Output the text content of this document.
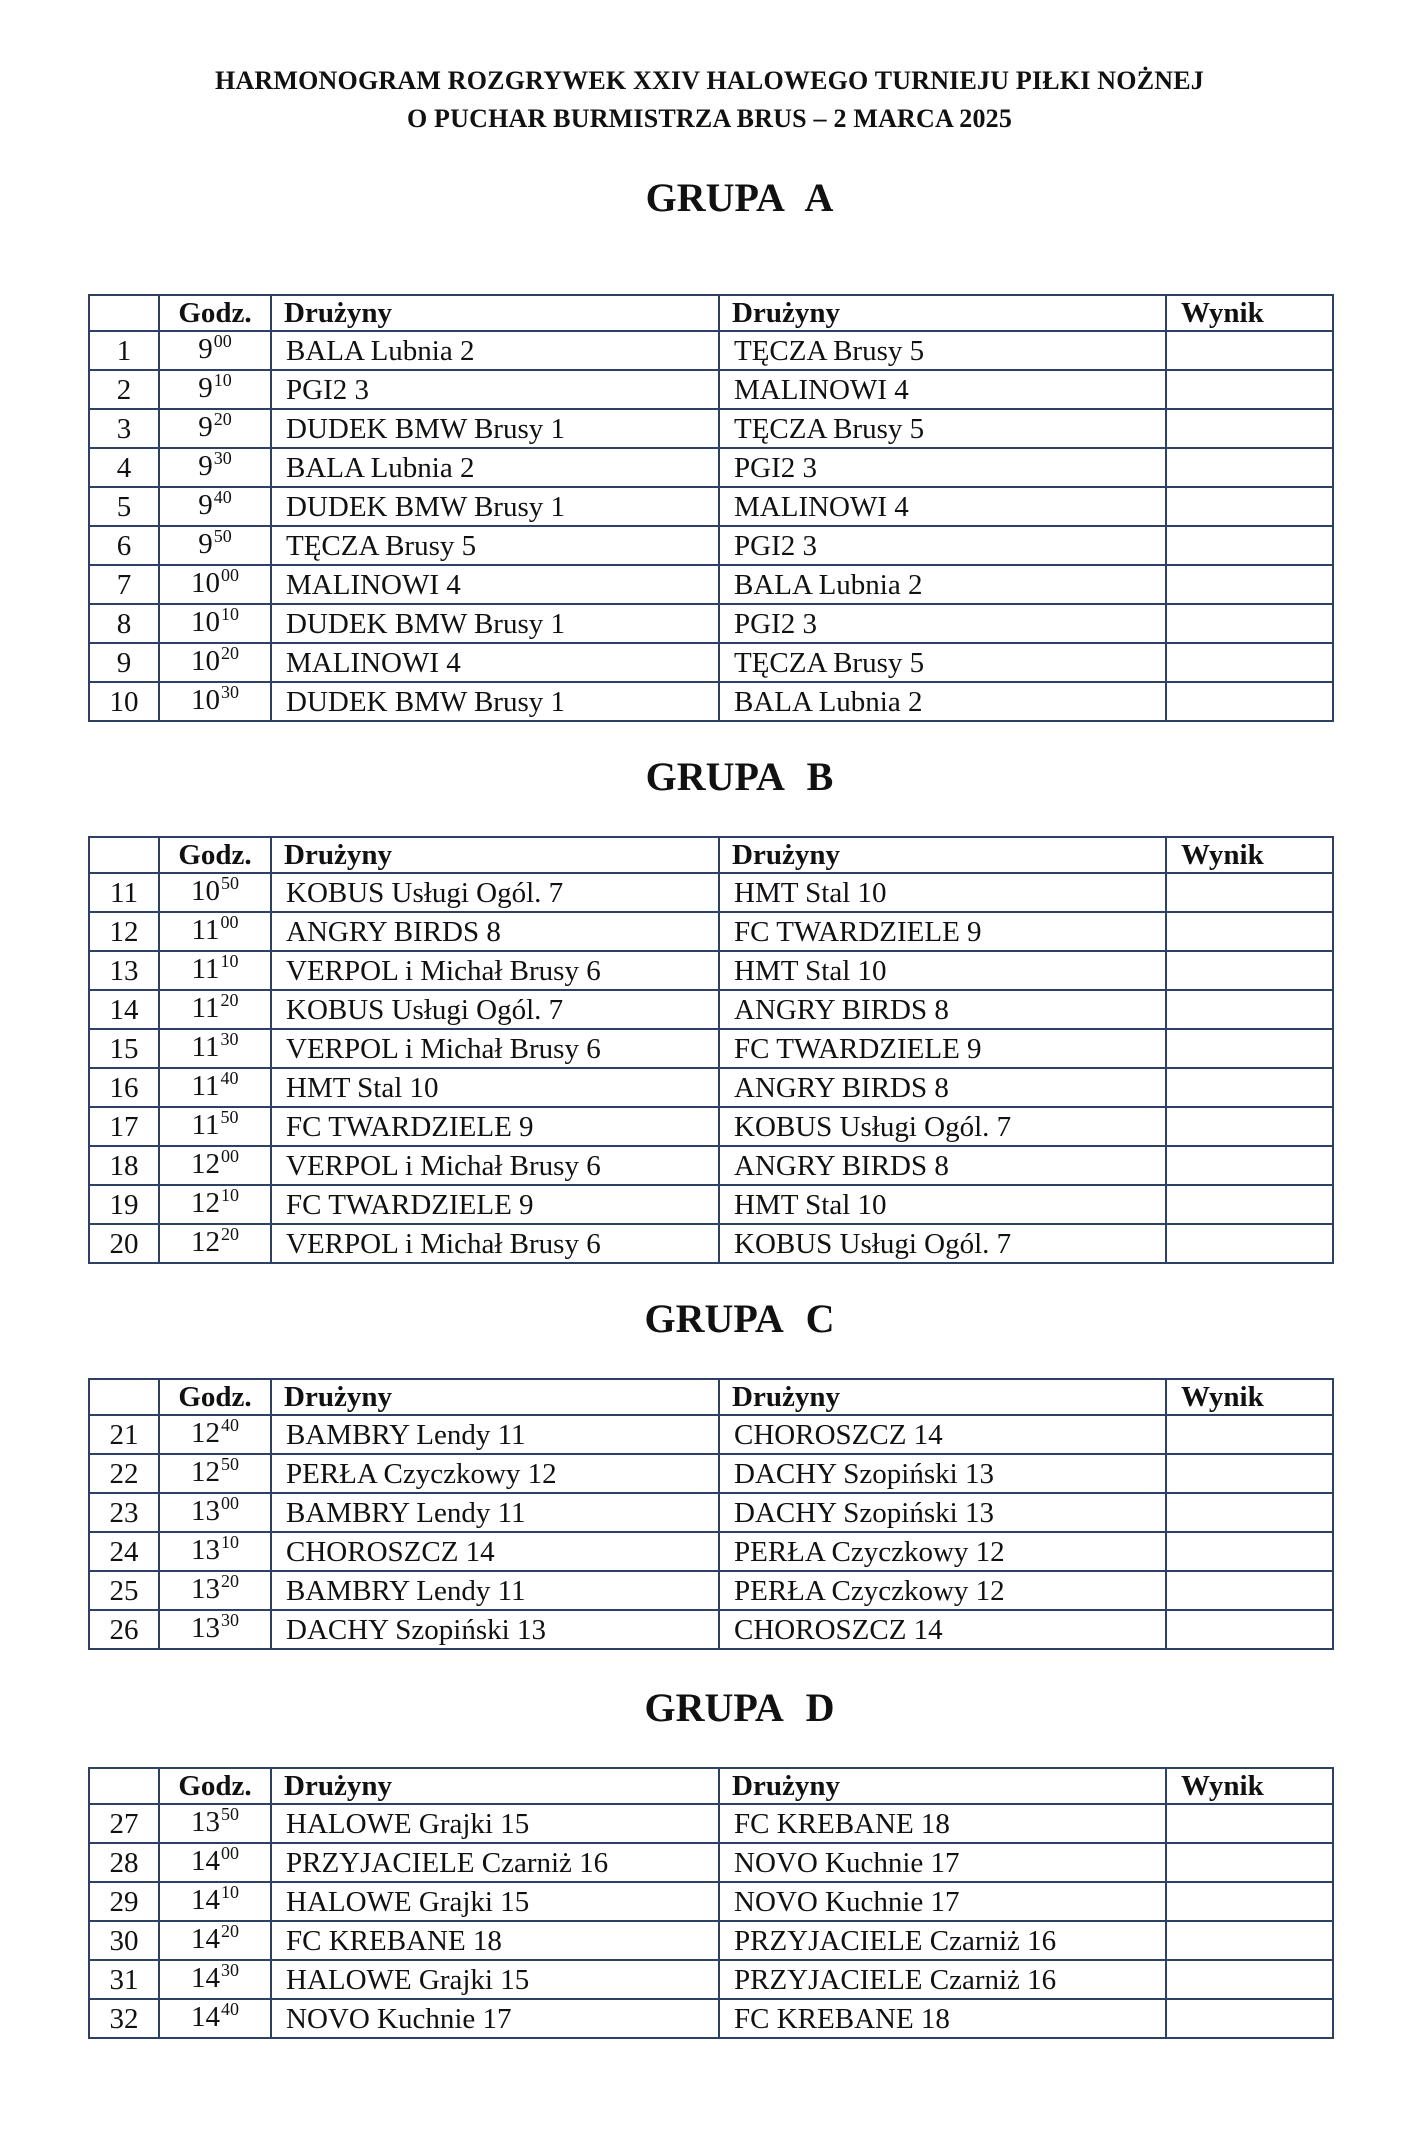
HARMONOGRAM ROZGRYWEK XXIV HALOWEGO TURNIEJU PIŁKI NOŻNEJ
O PUCHAR BURMISTRZA BRUS – 2 MARCA 2025
GRUPA A
	Godz.	Drużyny	Drużyny	Wynik
1	$9^{00}$	BALA Lubnia 2	TĘCZA Brusy 5	
2	$9^{10}$	PGI2 3	MALINOWI 4	
3	$9^{20}$	DUDEK BMW Brusy 1	TĘCZA Brusy 5	
4	$9^{30}$	BALA Lubnia 2	PGI2 3	
5	$9^{40}$	DUDEK BMW Brusy 1	MALINOWI 4	
6	$9^{50}$	TĘCZA Brusy 5	PGI2 3	
7	$10^{00}$	MALINOWI 4	BALA Lubnia 2	
8	$10^{10}$	DUDEK BMW Brusy 1	PGI2 3	
9	$10^{20}$	MALINOWI 4	TĘCZA Brusy 5	
10	$10^{30}$	DUDEK BMW Brusy 1	BALA Lubnia 2	
GRUPA B
	Godz.	Drużyny	Drużyny	Wynik
11	$10^{50}$	KOBUS Usługi Ogól. 7	HMT Stal 10	
12	$11^{00}$	ANGRY BIRDS 8	FC TWARDZIELE 9	
13	$11^{10}$	VERPOL i Michał Brusy 6	HMT Stal 10	
14	$11^{20}$	KOBUS Usługi Ogól. 7	ANGRY BIRDS 8	
15	$11^{30}$	VERPOL i Michał Brusy 6	FC TWARDZIELE 9	
16	$11^{40}$	HMT Stal 10	ANGRY BIRDS 8	
17	$11^{50}$	FC TWARDZIELE 9	KOBUS Usługi Ogól. 7	
18	$12^{00}$	VERPOL i Michał Brusy 6	ANGRY BIRDS 8	
19	$12^{10}$	FC TWARDZIELE 9	HMT Stal 10	
20	$12^{20}$	VERPOL i Michał Brusy 6	KOBUS Usługi Ogól. 7	
GRUPA C
	Godz.	Drużyny	Drużyny	Wynik
21	$12^{40}$	BAMBRY Lendy 11	CHOROSZCZ 14	
22	$12^{50}$	PERŁA Czyczkowy 12	DACHY Szopiński 13	
23	$13^{00}$	BAMBRY Lendy 11	DACHY Szopiński 13	
24	$13^{10}$	CHOROSZCZ 14	PERŁA Czyczkowy 12	
25	$13^{20}$	BAMBRY Lendy 11	PERŁA Czyczkowy 12	
26	$13^{30}$	DACHY Szopiński 13	CHOROSZCZ 14	
GRUPA D
	Godz.	Drużyny	Drużyny	Wynik
27	$13^{50}$	HALOWE Grajki 15	FC KREBANE 18	
28	$14^{00}$	PRZYJACIELE Czarniż 16	NOVO Kuchnie 17	
29	$14^{10}$	HALOWE Grajki 15	NOVO Kuchnie 17	
30	$14^{20}$	FC KREBANE 18	PRZYJACIELE Czarniż 16	
31	$14^{30}$	HALOWE Grajki 15	PRZYJACIELE Czarniż 16	
32	$14^{40}$	NOVO Kuchnie 17	FC KREBANE 18	
